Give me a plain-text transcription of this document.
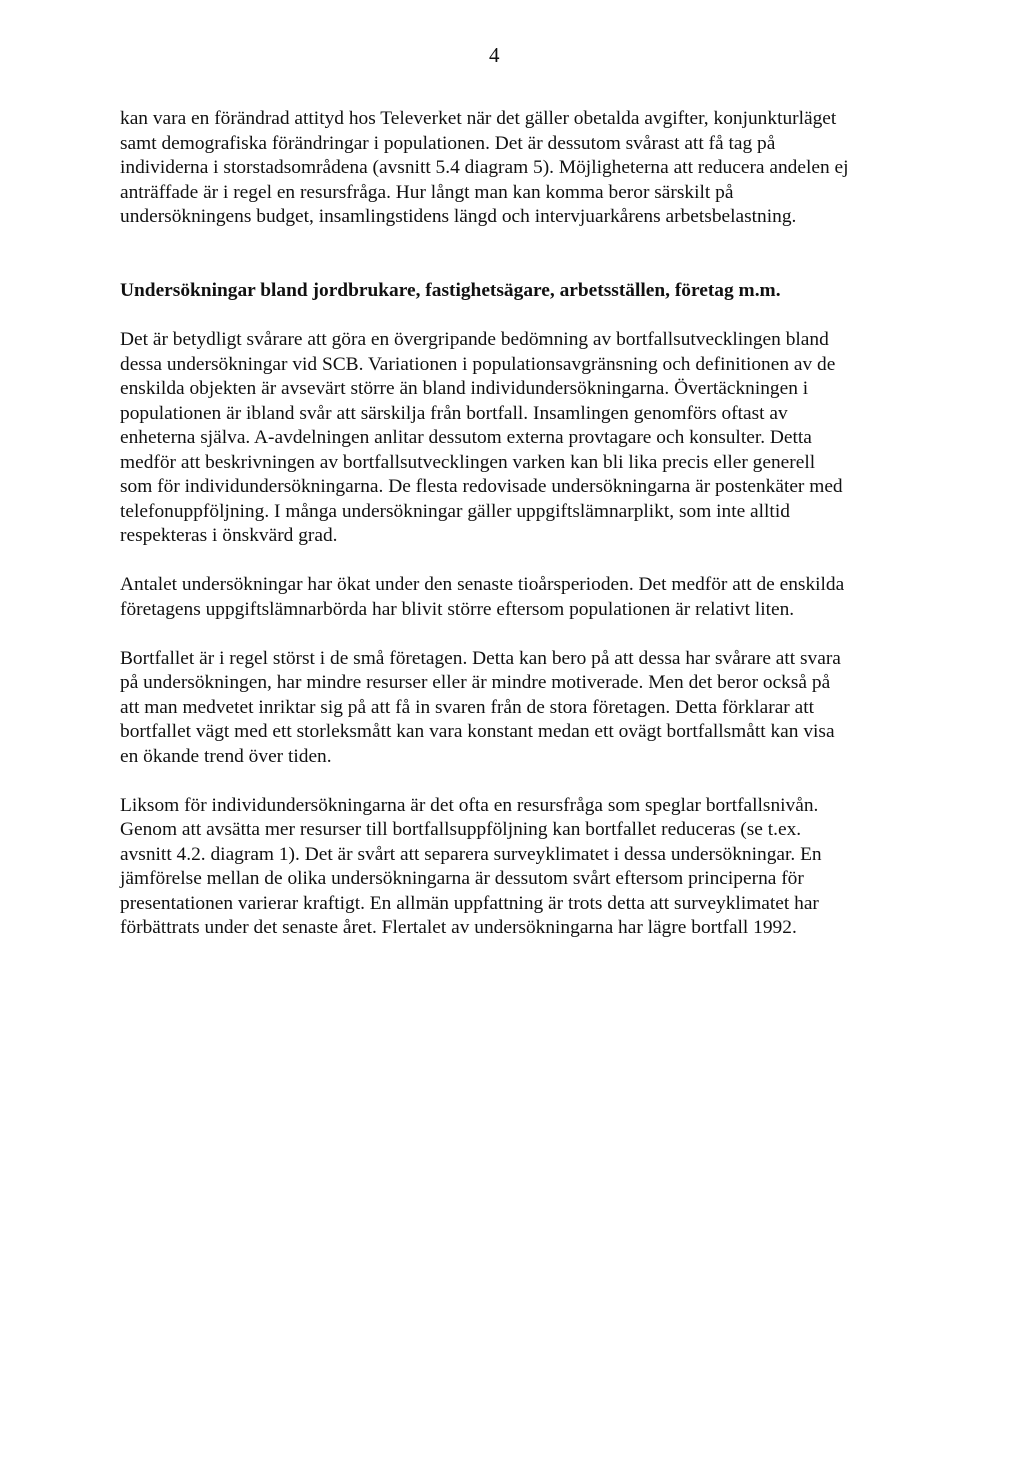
4

kan vara en förändrad attityd hos Televerket när det gäller obetalda avgifter, konjunkturläget samt demografiska förändringar i populationen. Det är dessutom svårast att få tag på individerna i storstadsområdena (avsnitt 5.4 diagram 5). Möjligheterna att reducera andelen ej anträffade är i regel en resursfråga. Hur långt man kan komma beror särskilt på undersökningens budget, insamlingstidens längd och intervjuarkårens arbetsbelastning.

Undersökningar bland jordbrukare, fastighetsägare, arbetsställen, företag m.m.

Det är betydligt svårare att göra en övergripande bedömning av bortfallsutvecklingen bland dessa undersökningar vid SCB. Variationen i populationsavgränsning och definitionen av de enskilda objekten är avsevärt större än bland individundersökningarna. Övertäckningen i populationen är ibland svår att särskilja från bortfall. Insamlingen genomförs oftast av enheterna själva. A-avdelningen anlitar dessutom externa provtagare och konsulter. Detta medför att beskrivningen av bortfallsutvecklingen varken kan bli lika precis eller generell som för individundersökningarna. De flesta redovisade undersökningarna är postenkäter med telefonuppföljning. I många undersökningar gäller uppgiftslämnarplikt, som inte alltid respekteras i önskvärd grad.

Antalet undersökningar har ökat under den senaste tioårsperioden. Det medför att de enskilda företagens uppgiftslämnarbörda har blivit större eftersom populationen är relativt liten.

Bortfallet är i regel störst i de små företagen. Detta kan bero på att dessa har svårare att svara på undersökningen, har mindre resurser eller är mindre motiverade. Men det beror också på att man medvetet inriktar sig på att få in svaren från de stora företagen. Detta förklarar att bortfallet vägt med ett storleksmått kan vara konstant medan ett ovägt bortfallsmått kan visa en ökande trend över tiden.

Liksom för individundersökningarna är det ofta en resursfråga som speglar bortfallsnivån. Genom att avsätta mer resurser till bortfallsuppföljning kan bortfallet reduceras (se t.ex. avsnitt 4.2. diagram 1). Det är svårt att separera surveyklimatet i dessa undersökningar. En jämförelse mellan de olika undersökningarna är dessutom svårt eftersom principerna för presentationen varierar kraftigt. En allmän uppfattning är trots detta att surveyklimatet har förbättrats under det senaste året. Flertalet av undersökningarna har lägre bortfall 1992.
